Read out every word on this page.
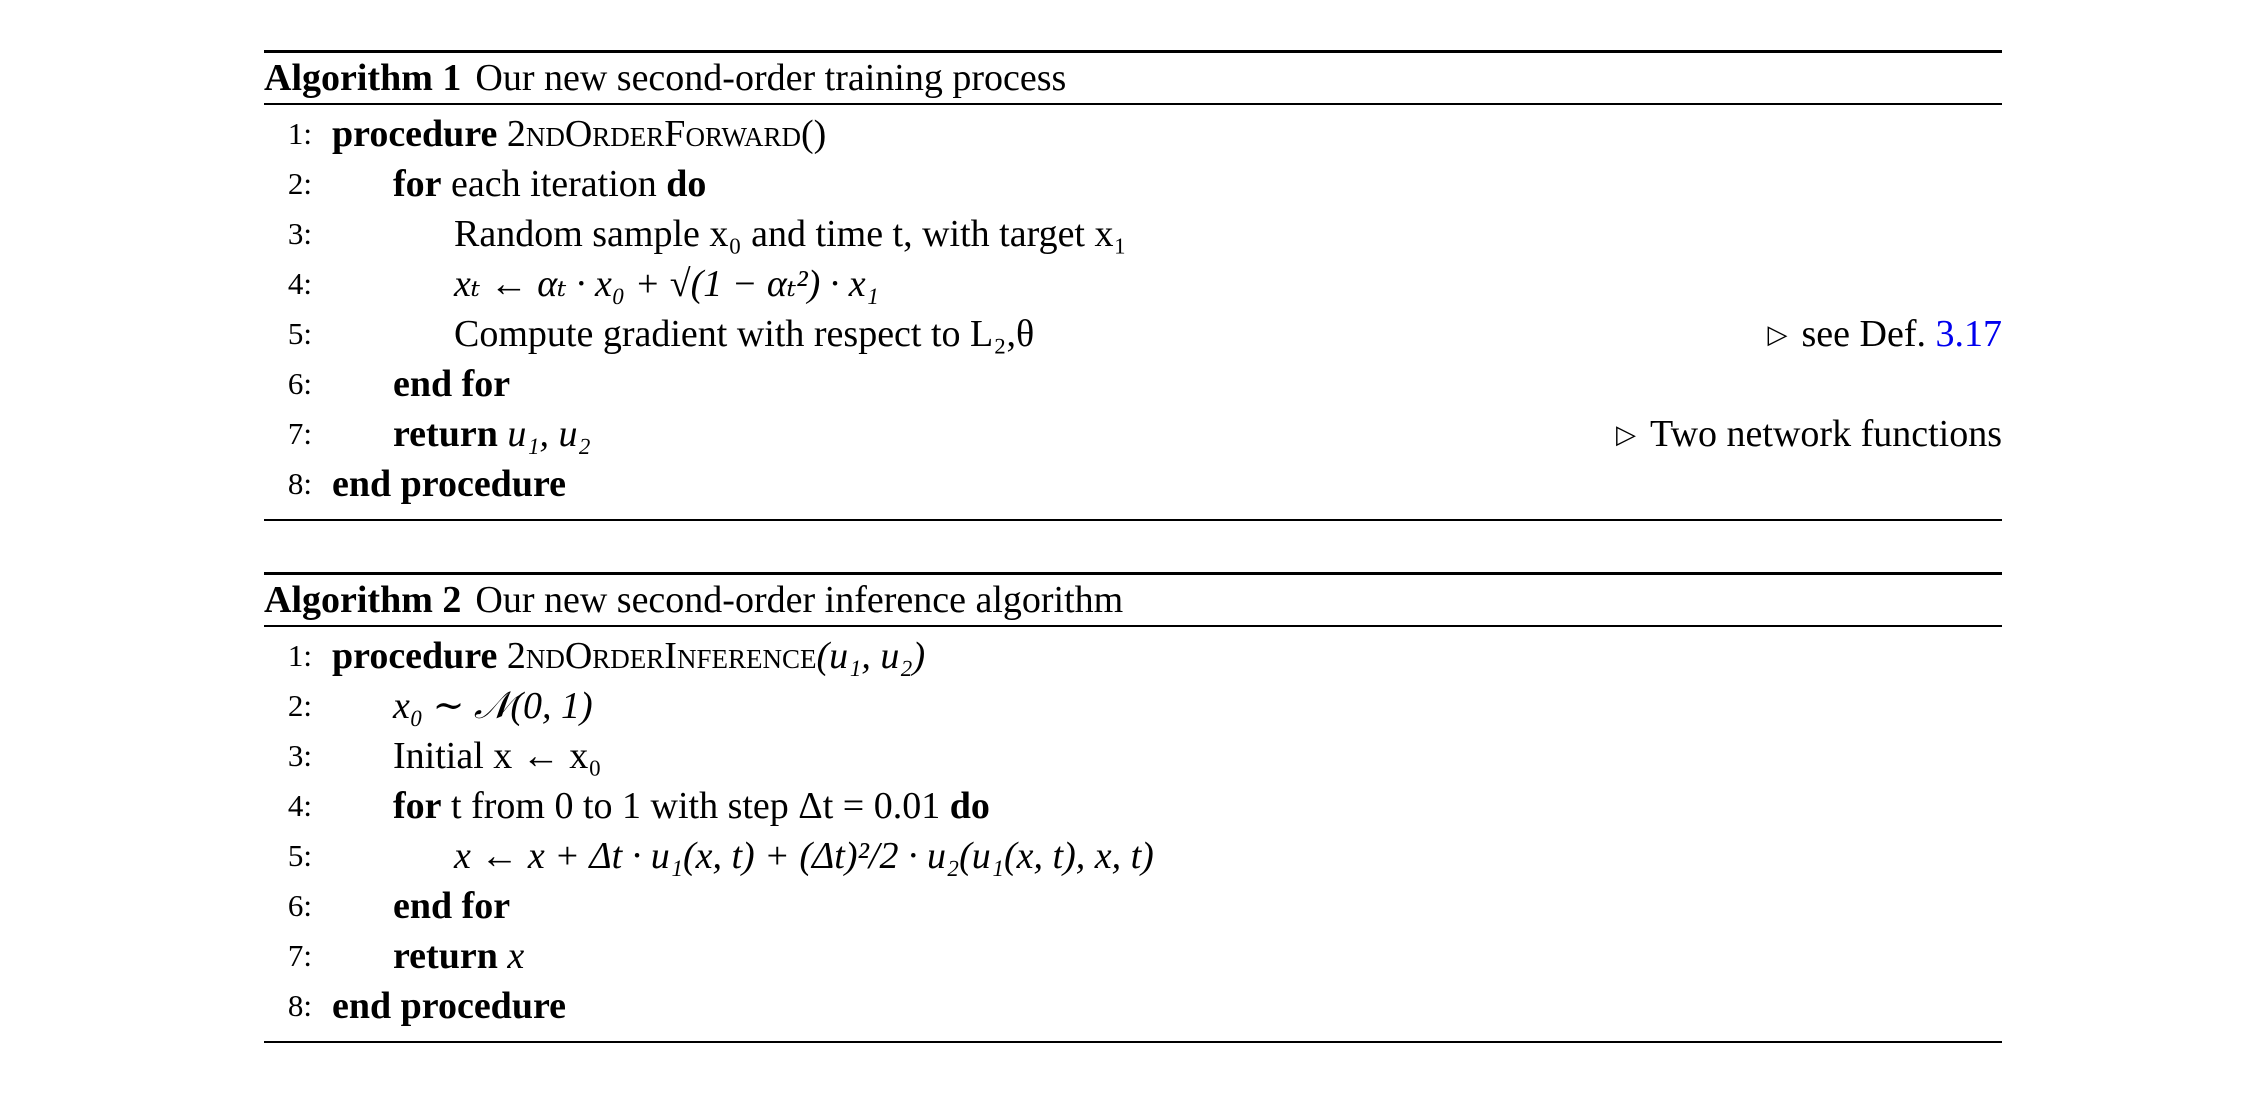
Algorithm 1 Our new second-order training process
1: procedure 2ndOrderForward()
2: for each iteration do
3:	Random sample x₀ and time t, with target x₁
4:	xₜ ← αₜ · x₀ + √(1 − αₜ²) · x₁
5:	Compute gradient with respect to L₂,θ	▷ see Def. 3.17
6: end for
7: return u₁, u₂	▷ Two network functions
8: end procedure
Algorithm 2 Our new second-order inference algorithm
1: procedure 2ndOrderInference(u₁, u₂)
2: x₀ ∼ 𝒩(0, 1)
3: Initial x ← x₀
4: for t from 0 to 1 with step Δt = 0.01 do
5:	x ← x + Δt · u₁(x, t) + (Δt)²/2 · u₂(u₁(x, t), x, t)
6: end for
7: return x
8: end procedure
